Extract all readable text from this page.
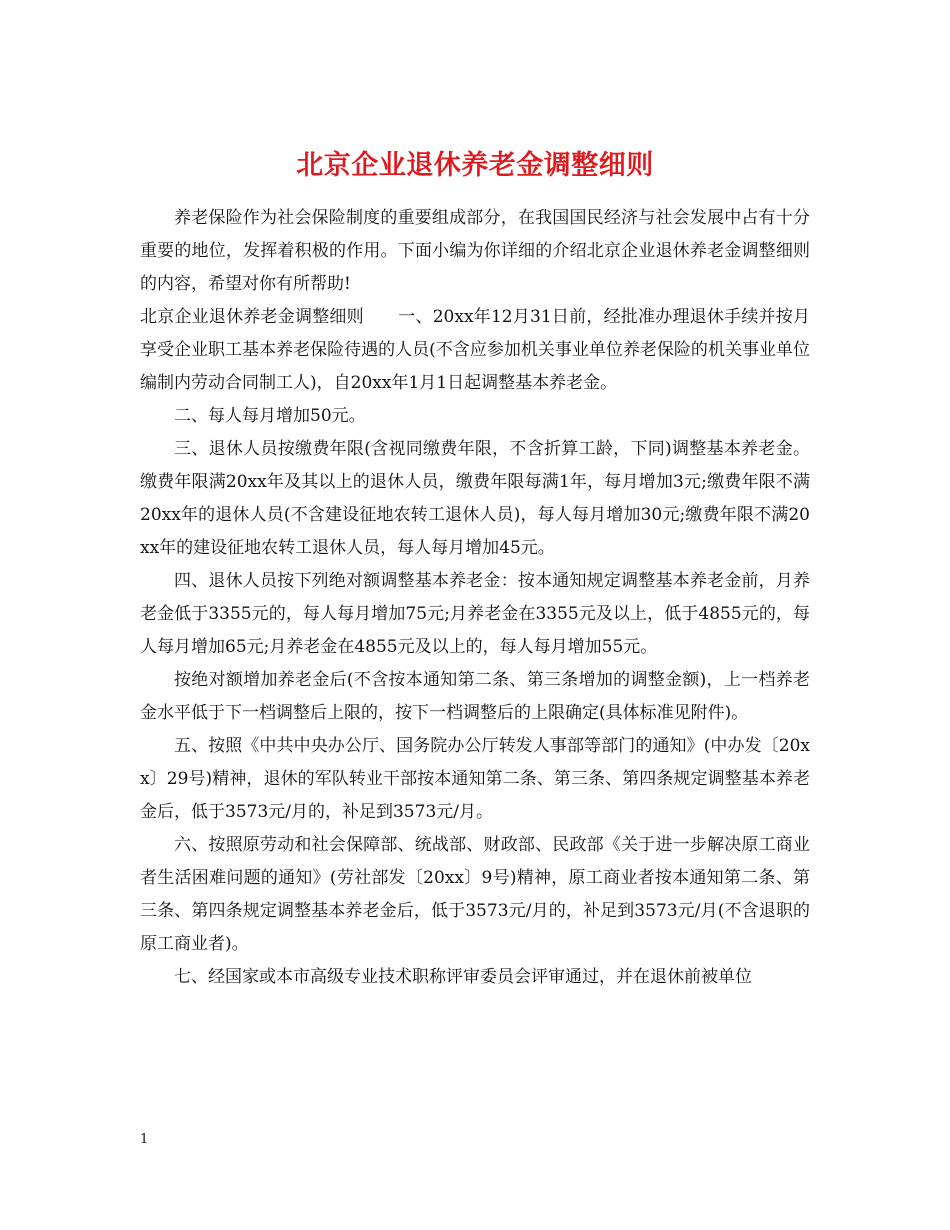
北京企业退休养老金调整细则

养老保险作为社会保险制度的重要组成部分，在我国国民经济与社会发展中占有十分重要的地位，发挥着积极的作用。下面小编为你详细的介绍北京企业退休养老金调整细则的内容，希望对你有所帮助!

北京企业退休养老金调整细则　　一、20xx年12月31日前，经批准办理退休手续并按月享受企业职工基本养老保险待遇的人员(不含应参加机关事业单位养老保险的机关事业单位编制内劳动合同制工人)，自20xx年1月1日起调整基本养老金。

二、每人每月增加50元。

三、退休人员按缴费年限(含视同缴费年限，不含折算工龄，下同)调整基本养老金。缴费年限满20xx年及其以上的退休人员，缴费年限每满1年，每月增加3元;缴费年限不满20xx年的退休人员(不含建设征地农转工退休人员)，每人每月增加30元;缴费年限不满20xx年的建设征地农转工退休人员，每人每月增加45元。

四、退休人员按下列绝对额调整基本养老金：按本通知规定调整基本养老金前，月养老金低于3355元的，每人每月增加75元;月养老金在3355元及以上，低于4855元的，每人每月增加65元;月养老金在4855元及以上的，每人每月增加55元。

按绝对额增加养老金后(不含按本通知第二条、第三条增加的调整金额)，上一档养老金水平低于下一档调整后上限的，按下一档调整后的上限确定(具体标准见附件)。

五、按照《中共中央办公厅、国务院办公厅转发人事部等部门的通知》(中办发〔20xx〕29号)精神，退休的军队转业干部按本通知第二条、第三条、第四条规定调整基本养老金后，低于3573元/月的，补足到3573元/月。

六、按照原劳动和社会保障部、统战部、财政部、民政部《关于进一步解决原工商业者生活困难问题的通知》(劳社部发〔20xx〕9号)精神，原工商业者按本通知第二条、第三条、第四条规定调整基本养老金后，低于3573元/月的，补足到3573元/月(不含退职的原工商业者)。

七、经国家或本市高级专业技术职称评审委员会评审通过，并在退休前被单位

1
